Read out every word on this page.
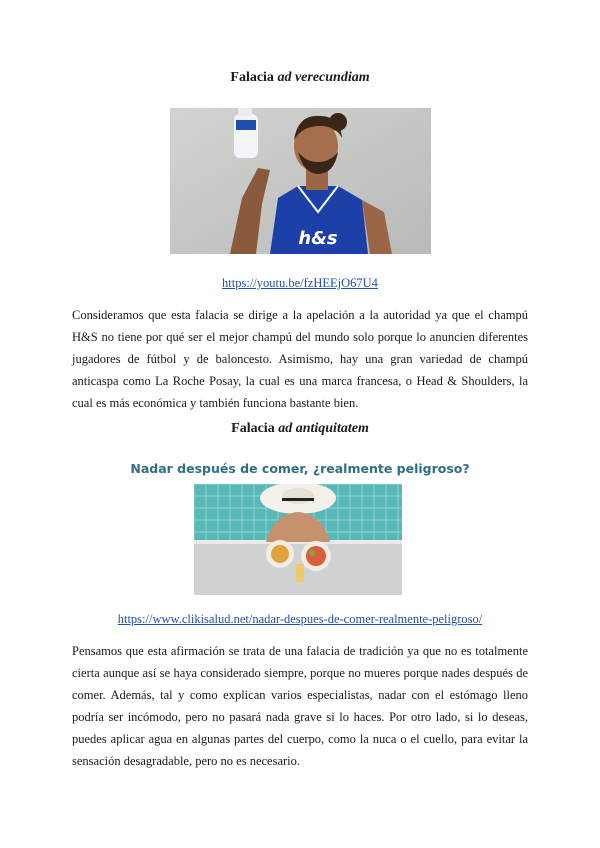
Falacia ad verecundiam
h&s
https://youtu.be/fzHEEjO67U4
Consideramos que esta falacia se dirige a la apelación a la autoridad ya que el champú H&S no tiene por qué ser el mejor champú del mundo solo porque lo anuncien diferentes jugadores de fútbol y de baloncesto. Asimismo, hay una gran variedad de champú anticaspa como La Roche Posay, la cual es una marca francesa, o Head & Shoulders, la cual es más económica y también funciona bastante bien.
Falacia ad antiquitatem
Nadar después de comer, ¿realmente peligroso?
https://www.clikisalud.net/nadar-despues-de-comer-realmente-peligroso/
Pensamos que esta afirmación se trata de una falacia de tradición ya que no es totalmente cierta aunque así se haya considerado siempre, porque no mueres porque nades después de comer. Además, tal y como explican varios especialistas, nadar con el estómago lleno podría ser incómodo, pero no pasará nada grave si lo haces. Por otro lado, si lo deseas, puedes aplicar agua en algunas partes del cuerpo, como la nuca o el cuello, para evitar la sensación desagradable, pero no es necesario.
